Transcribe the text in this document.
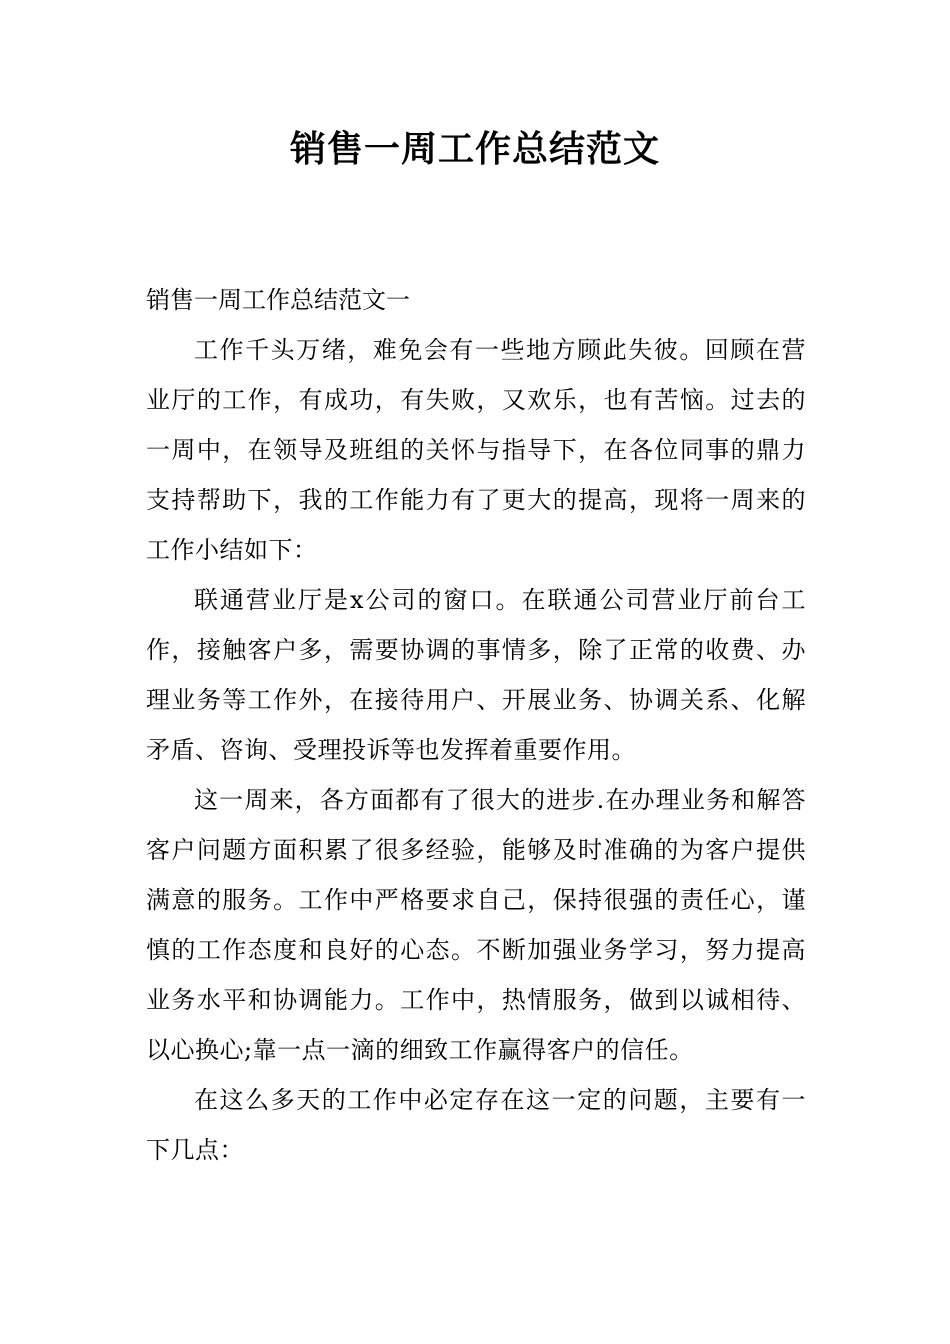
销售一周工作总结范文

销售一周工作总结范文一

工作千头万绪，难免会有一些地方顾此失彼。回顾在营业厅的工作，有成功，有失败，又欢乐，也有苦恼。过去的一周中，在领导及班组的关怀与指导下，在各位同事的鼎力支持帮助下，我的工作能力有了更大的提高，现将一周来的工作小结如下：

联通营业厅是x公司的窗口。在联通公司营业厅前台工作，接触客户多，需要协调的事情多，除了正常的收费、办理业务等工作外，在接待用户、开展业务、协调关系、化解矛盾、咨询、受理投诉等也发挥着重要作用。

这一周来，各方面都有了很大的进步.在办理业务和解答客户问题方面积累了很多经验，能够及时准确的为客户提供满意的服务。工作中严格要求自己，保持很强的责任心，谨慎的工作态度和良好的心态。不断加强业务学习，努力提高业务水平和协调能力。工作中，热情服务，做到以诚相待、以心换心;靠一点一滴的细致工作赢得客户的信任。

在这么多天的工作中必定存在这一定的问题，主要有一下几点：
